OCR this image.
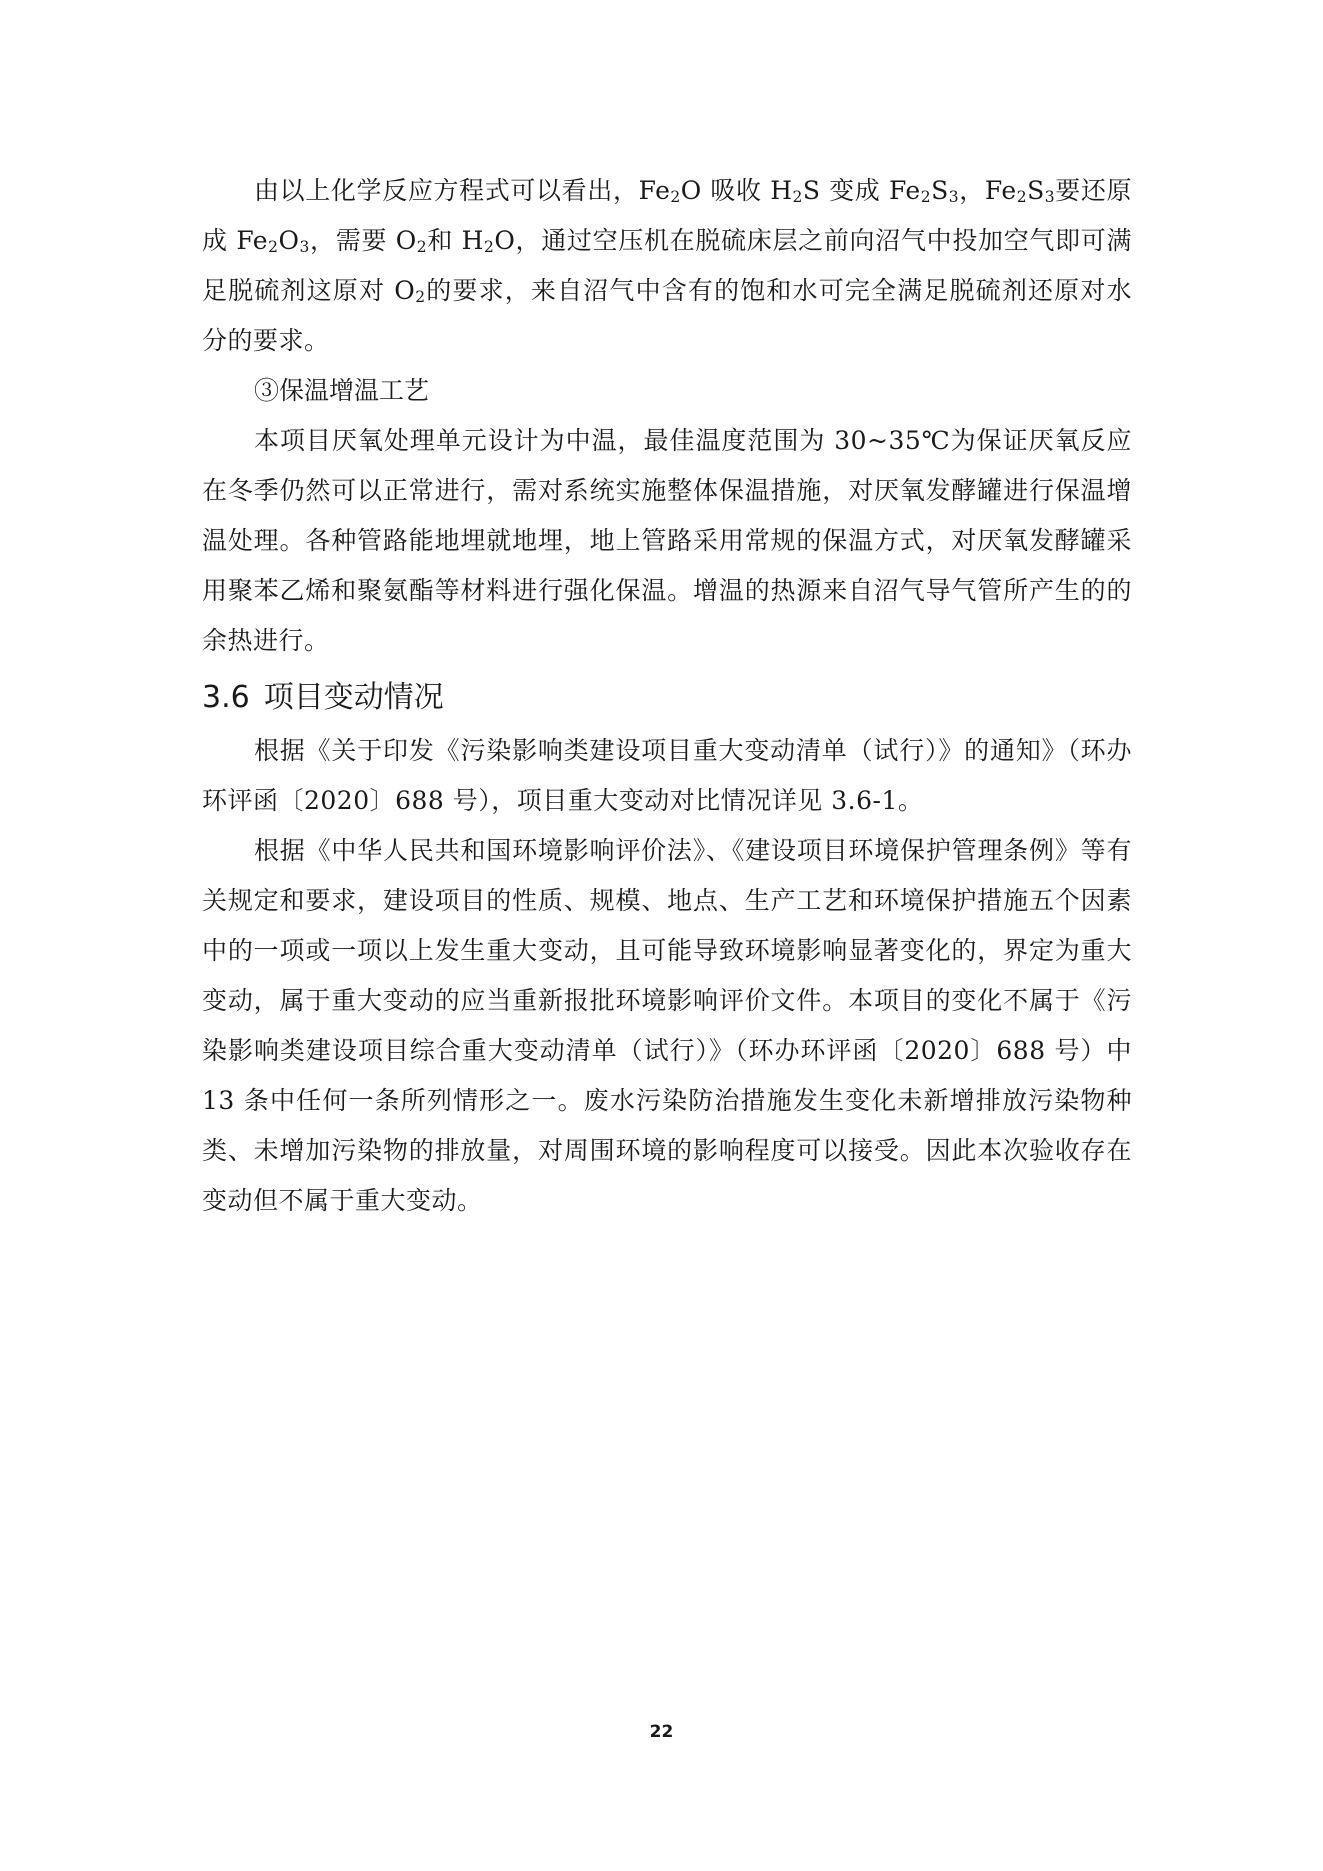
由以上化学反应方程式可以看出，Fe2O 吸收 H2S 变成 Fe2S3，Fe2S3要还原成 Fe2O3，需要 O2和 H2O，通过空压机在脱硫床层之前向沼气中投加空气即可满足脱硫剂这原对 O2的要求，来自沼气中含有的饱和水可完全满足脱硫剂还原对水分的要求。

③保温增温工艺

本项目厌氧处理单元设计为中温，最佳温度范围为 30~35℃为保证厌氧反应在冬季仍然可以正常进行，需对系统实施整体保温措施，对厌氧发酵罐进行保温增温处理。各种管路能地埋就地埋，地上管路采用常规的保温方式，对厌氧发酵罐采用聚苯乙烯和聚氨酯等材料进行强化保温。增温的热源来自沼气导气管所产生的的余热进行。

3.6 项目变动情况

根据《关于印发《污染影响类建设项目重大变动清单（试行）》的通知》（环办环评函〔2020〕688 号），项目重大变动对比情况详见 3.6-1。

根据《中华人民共和国环境影响评价法》、《建设项目环境保护管理条例》等有关规定和要求，建设项目的性质、规模、地点、生产工艺和环境保护措施五个因素中的一项或一项以上发生重大变动，且可能导致环境影响显著变化的，界定为重大变动，属于重大变动的应当重新报批环境影响评价文件。本项目的变化不属于《污染影响类建设项目综合重大变动清单（试行）》（环办环评函〔2020〕688 号）中 13 条中任何一条所列情形之一。废水污染防治措施发生变化未新增排放污染物种类、未增加污染物的排放量，对周围环境的影响程度可以接受。因此本次验收存在变动但不属于重大变动。

22
